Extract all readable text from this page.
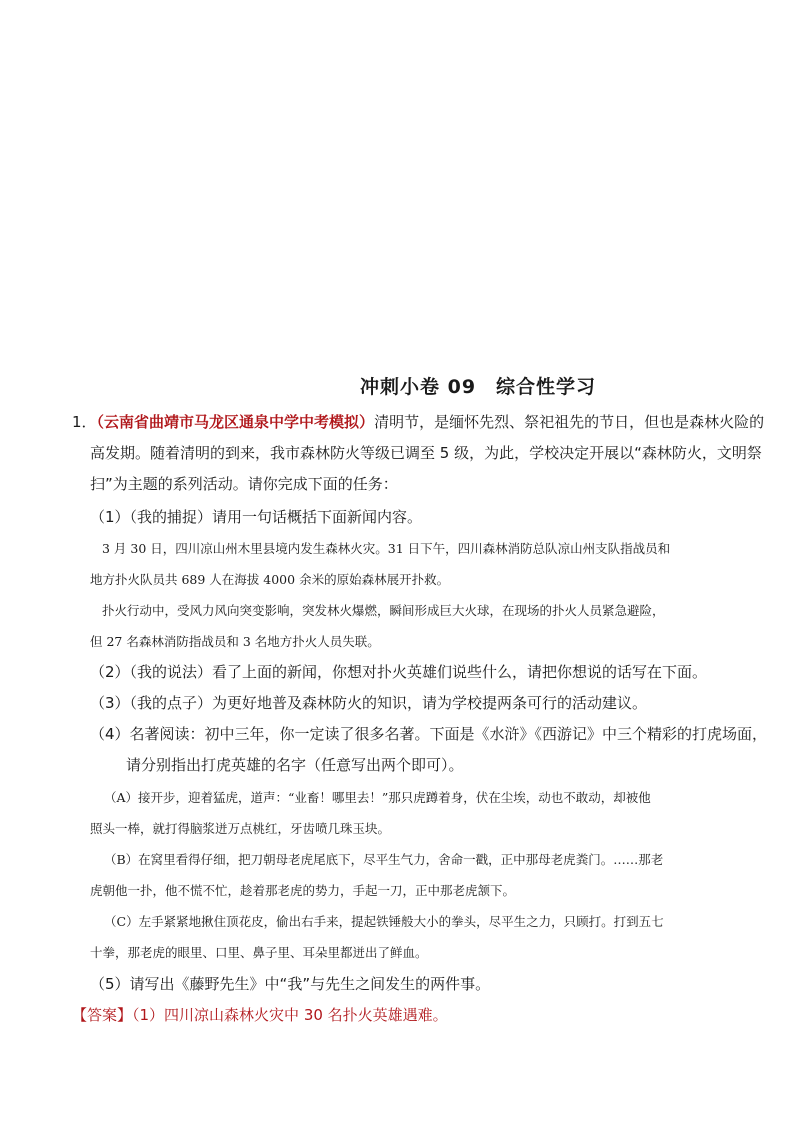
冲刺小卷 09　综合性学习
1．（云南省曲靖市马龙区通泉中学中考模拟）清明节，是缅怀先烈、祭祀祖先的节日，但也是森林火险的
高发期。随着清明的到来，我市森林防火等级已调至 5 级，为此，学校决定开展以“森林防火，文明祭
扫”为主题的系列活动。请你完成下面的任务：
（1）（我的捕捉）请用一句话概括下面新闻内容。
3 月 30 日，四川凉山州木里县境内发生森林火灾。31 日下午，四川森林消防总队凉山州支队指战员和
地方扑火队员共 689 人在海拔 4000 余米的原始森林展开扑救。
扑火行动中，受风力风向突变影响，突发林火爆燃，瞬间形成巨大火球，在现场的扑火人员紧急避险，
但 27 名森林消防指战员和 3 名地方扑火人员失联。
（2）（我的说法）看了上面的新闻，你想对扑火英雄们说些什么，请把你想说的话写在下面。
（3）（我的点子）为更好地普及森林防火的知识，请为学校提两条可行的活动建议。
（4）名著阅读：初中三年，你一定读了很多名著。下面是《水浒》《西游记》中三个精彩的打虎场面，
请分别指出打虎英雄的名字（任意写出两个即可）。
（A）接开步，迎着猛虎，道声：“业畜！哪里去！”那只虎蹲着身，伏在尘埃，动也不敢动，却被他
照头一棒，就打得脑浆迸万点桃红，牙齿喷几珠玉块。
（B）在窝里看得仔细，把刀朝母老虎尾底下，尽平生气力，舍命一戳，正中那母老虎粪门。……那老
虎朝他一扑，他不慌不忙，趁着那老虎的势力，手起一刀，正中那老虎颔下。
（C）左手紧紧地揪住顶花皮，偷出右手来，提起铁锤般大小的拳头，尽平生之力，只顾打。打到五七
十拳，那老虎的眼里、口里、鼻子里、耳朵里都迸出了鲜血。
（5）请写出《藤野先生》中“我”与先生之间发生的两件事。
【答案】（1）四川凉山森林火灾中 30 名扑火英雄遇难。
